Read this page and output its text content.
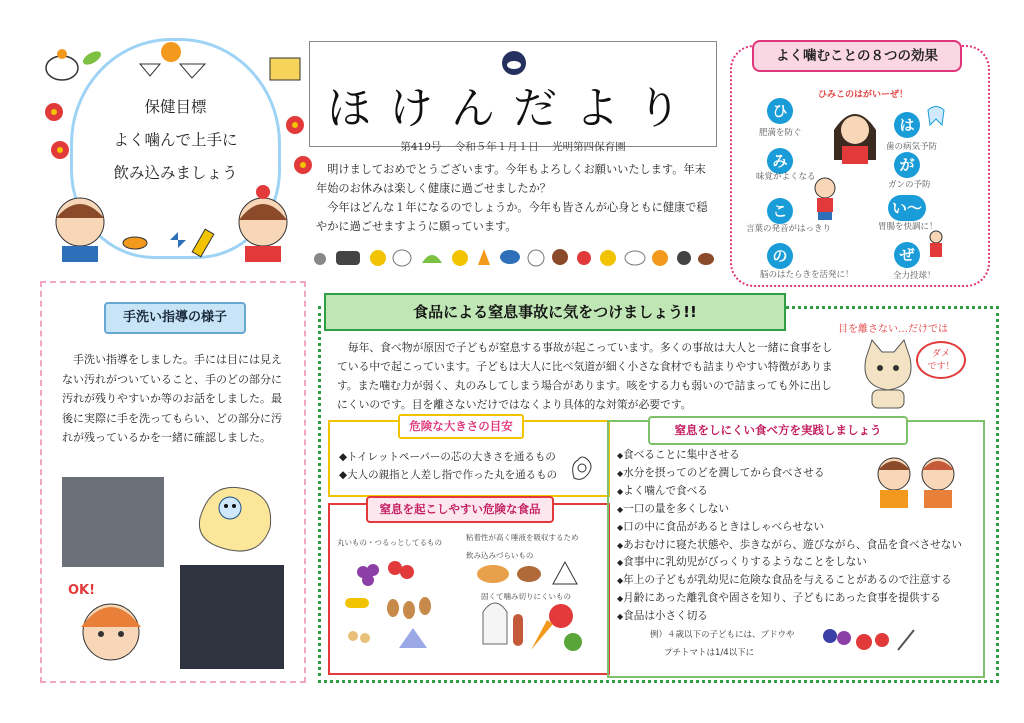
保健目標
よく噛んで上手に
飲み込みましょう
ほけんだより
第419号 令和５年１月１日 光明第四保育園

明けましておめでとうございます。今年もよろしくお願いいたします。年末年始のお休みは楽しく健康に過ごせましたか？

今年はどんな１年になるのでしょうか。今年も皆さんが心身ともに健康で穏やかに過ごせますように願っています。

よく噛むことの８つの効果
ひみこのはがいーぜ！
ひ
肥満を防ぐ
み
味覚がよくなる
こ
言葉の発音がはっきり
の
脳のはたらきを活発に！
は
歯の病気予防
が
ガンの予防
い〜
胃腸を快調に！
ぜ
全力投球！
手洗い指導の様子
手洗い指導をしました。手には目には見えない汚れがついていること、手のどの部分に汚れが残りやすいか等のお話をしました。最後に実際に手を洗ってもらい、どの部分に汚れが残っているかを一緒に確認しました。
OK!
食品による窒息事故に気をつけましょう!!

毎年、食べ物が原因で子どもが窒息する事故が起こっています。多くの事故は大人と一緒に食事をしている中で起こっています。子どもは大人に比べ気道が細く小さな食材でも詰まりやすい特徴があります。また噛む力が弱く、丸のみしてしまう場合があります。咳をする力も弱いので詰まっても外に出しにくいのです。目を離さないだけではなくより具体的な対策が必要です。

目を離さない…だけでは
ダメ
です！
危険な大きさの目安
◆トイレットペーパーの芯の大きさを通るもの
◆大人の親指と人差し指で作った丸を通るもの
窒息を起こしやすい危険な食品
丸いもの・つるっとしてるもの
粘着性が高く唾液を吸収するため
飲み込みづらいもの
固くて噛み切りにくいもの
窒息をしにくい食べ方を実践しましょう
◆ 食べることに集中させる
◆ 水分を摂ってのどを潤してから食べさせる
◆ よく噛んで食べる
◆ 一口の量を多くしない
◆ 口の中に食品があるときはしゃべらせない
◆ あおむけに寝た状態や、歩きながら、遊びながら、食品を食べさせない
◆ 食事中に乳幼児がびっくりするようなことをしない
◆ 年上の子どもが乳幼児に危険な食品を与えることがあるので注意する
◆ 月齢にあった離乳食や固さを知り、子どもにあった食事を提供する
◆ 食品は小さく切る
例）４歳以下の子どもには、ブドウや
プチトマトは1/4以下に
